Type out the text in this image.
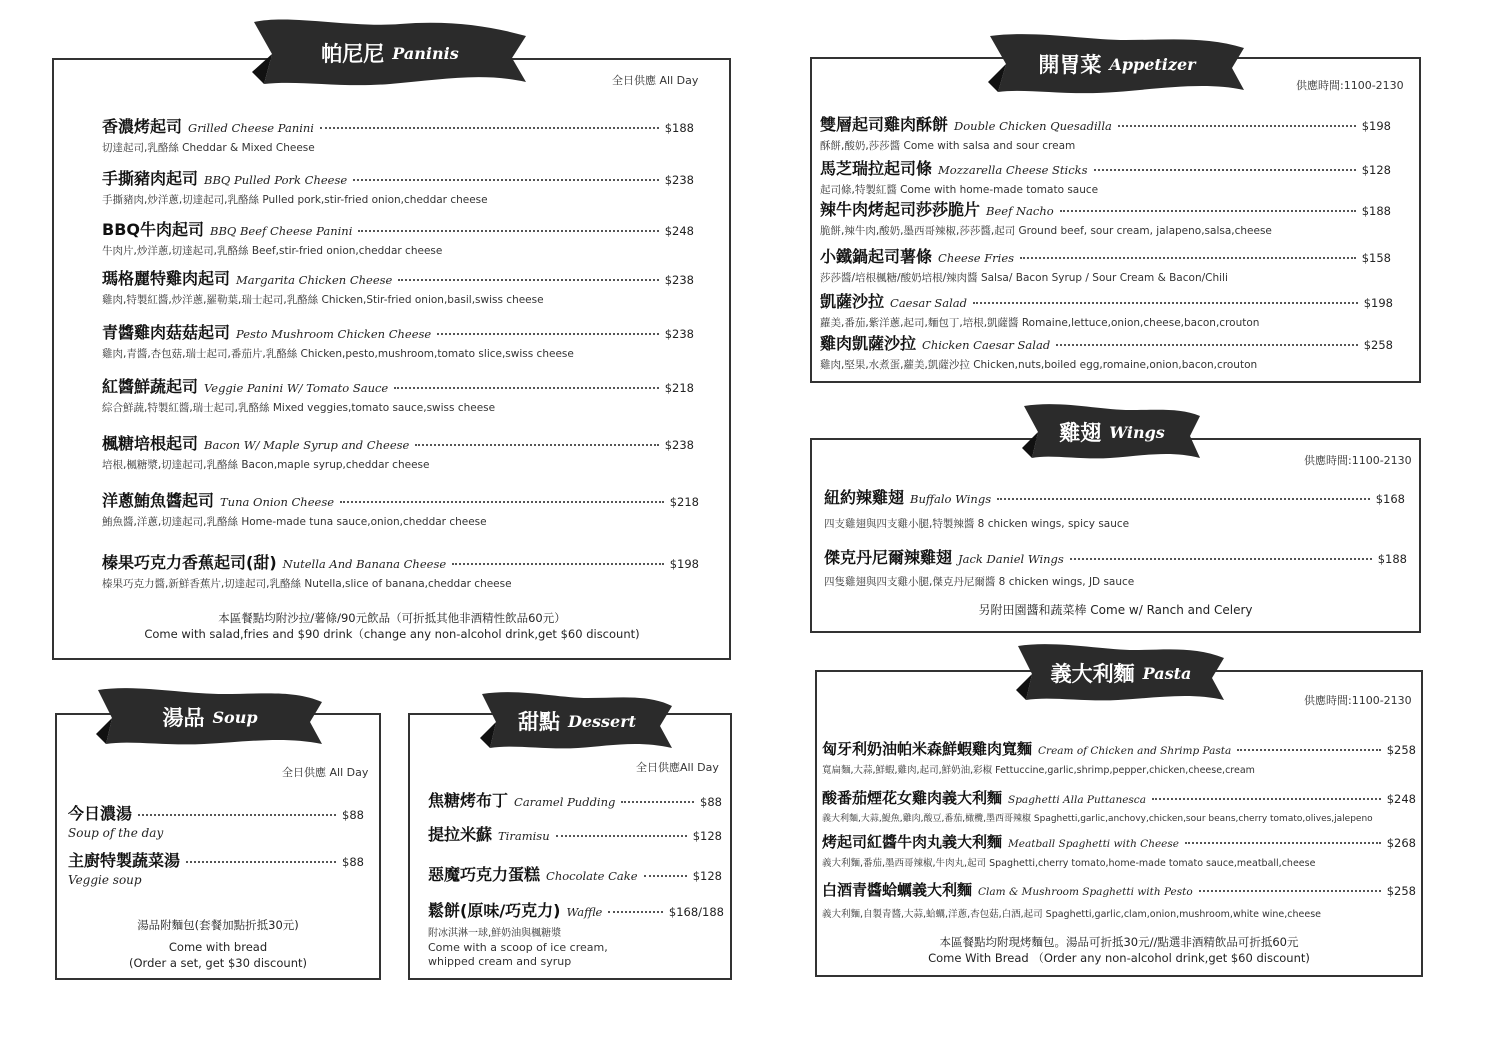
帕尼尼 Paninis
全日供應 All Day
香濃烤起司 Grilled Cheese Panini	$188
切達起司,乳酪絲 Cheddar & Mixed Cheese
手撕豬肉起司 BBQ Pulled Pork Cheese	$238
手撕豬肉,炒洋蔥,切達起司,乳酪絲 Pulled pork,stir-fried onion,cheddar cheese
BBQ牛肉起司 BBQ Beef Cheese Panini	$248
牛肉片,炒洋蔥,切達起司,乳酪絲 Beef,stir-fried onion,cheddar cheese
瑪格麗特雞肉起司 Margarita Chicken Cheese	$238
雞肉,特製紅醬,炒洋蔥,羅勒葉,瑞士起司,乳酪絲 Chicken,Stir-fried onion,basil,swiss cheese
青醬雞肉菇菇起司 Pesto Mushroom Chicken Cheese	$238
雞肉,青醬,杏包菇,瑞士起司,番茄片,乳酪絲 Chicken,pesto,mushroom,tomato slice,swiss cheese
紅醬鮮蔬起司 Veggie Panini W/ Tomato Sauce	$218
綜合鮮蔬,特製紅醬,瑞士起司,乳酪絲 Mixed veggies,tomato sauce,swiss cheese
楓糖培根起司 Bacon W/ Maple Syrup and Cheese	$238
培根,楓糖漿,切達起司,乳酪絲 Bacon,maple syrup,cheddar cheese
洋蔥鮪魚醬起司 Tuna Onion Cheese	$218
鮪魚醬,洋蔥,切達起司,乳酪絲 Home-made tuna sauce,onion,cheddar cheese
榛果巧克力香蕉起司(甜) Nutella And Banana Cheese	$198
榛果巧克力醬,新鮮香蕉片,切達起司,乳酪絲 Nutella,slice of banana,cheddar cheese
本區餐點均附沙拉/薯條/90元飲品（可折抵其他非酒精性飲品60元）
Come with salad,fries and $90 drink（change any non-alcohol drink,get $60 discount)
開胃菜 Appetizer
供應時間:1100-2130
雙層起司雞肉酥餅 Double Chicken Quesadilla	$198
酥餅,酸奶,莎莎醬 Come with salsa and sour cream
馬芝瑞拉起司條 Mozzarella Cheese Sticks	$128
起司條,特製紅醬 Come with home-made tomato sauce
辣牛肉烤起司莎莎脆片 Beef Nacho	$188
脆餅,辣牛肉,酸奶,墨西哥辣椒,莎莎醬,起司 Ground beef, sour cream, jalapeno,salsa,cheese
小鐵鍋起司薯條 Cheese Fries	$158
莎莎醬/培根楓糖/酸奶培根/辣肉醬 Salsa/ Bacon Syrup / Sour Cream & Bacon/Chili
凱薩沙拉 Caesar Salad	$198
蘿美,番茄,紫洋蔥,起司,麵包丁,培根,凱薩醬 Romaine,lettuce,onion,cheese,bacon,crouton
雞肉凱薩沙拉 Chicken Caesar Salad	$258
雞肉,堅果,水煮蛋,蘿美,凱薩沙拉 Chicken,nuts,boiled egg,romaine,onion,bacon,crouton
雞翅 Wings
供應時間:1100-2130
紐約辣雞翅 Buffalo Wings	$168
四支雞翅與四支雞小腿,特製辣醬 8 chicken wings, spicy sauce
傑克丹尼爾辣雞翅 Jack Daniel Wings	$188
四隻雞翅與四支雞小腿,傑克丹尼爾醬 8 chicken wings, JD sauce
另附田園醬和蔬菜棒 Come w/ Ranch and Celery
義大利麵 Pasta
供應時間:1100-2130
匈牙利奶油帕米森鮮蝦雞肉寬麵 Cream of Chicken and Shrimp Pasta	$258
寬扁麵,大蒜,鮮蝦,雞肉,起司,鮮奶油,彩椒 Fettuccine,garlic,shrimp,pepper,chicken,cheese,cream
酸番茄煙花女雞肉義大利麵 Spaghetti Alla Puttanesca	$248
義大利麵,大蒜,鯷魚,雞肉,酸豆,番茄,橄欖,墨西哥辣椒 Spaghetti,garlic,anchovy,chicken,sour beans,cherry tomato,olives,jalepeno
烤起司紅醬牛肉丸義大利麵 Meatball Spaghetti with Cheese	$268
義大利麵,番茄,墨西哥辣椒,牛肉丸,起司 Spaghetti,cherry tomato,home-made tomato sauce,meatball,cheese
白酒青醬蛤蠣義大利麵 Clam & Mushroom Spaghetti with Pesto	$258
義大利麵,自製青醬,大蒜,蛤蠣,洋蔥,杏包菇,白酒,起司 Spaghetti,garlic,clam,onion,mushroom,white wine,cheese
本區餐點均附現烤麵包。湯品可折抵30元//點選非酒精飲品可折抵60元
Come With Bread （Order any non-alcohol drink,get $60 discount)
湯品 Soup
全日供應 All Day
今日濃湯	$88
Soup of the day
主廚特製蔬菜湯	$88
Veggie soup
湯品附麵包(套餐加點折抵30元)
Come with bread
(Order a set, get $30 discount)
甜點 Dessert
全日供應All Day
焦糖烤布丁 Caramel Pudding	$88
提拉米蘇 Tiramisu	$128
惡魔巧克力蛋糕 Chocolate Cake	$128
鬆餅(原味/巧克力) Waffle	$168/188
附冰淇淋一球,鮮奶油與楓糖漿
Come with a scoop of ice cream,
whipped cream and syrup
